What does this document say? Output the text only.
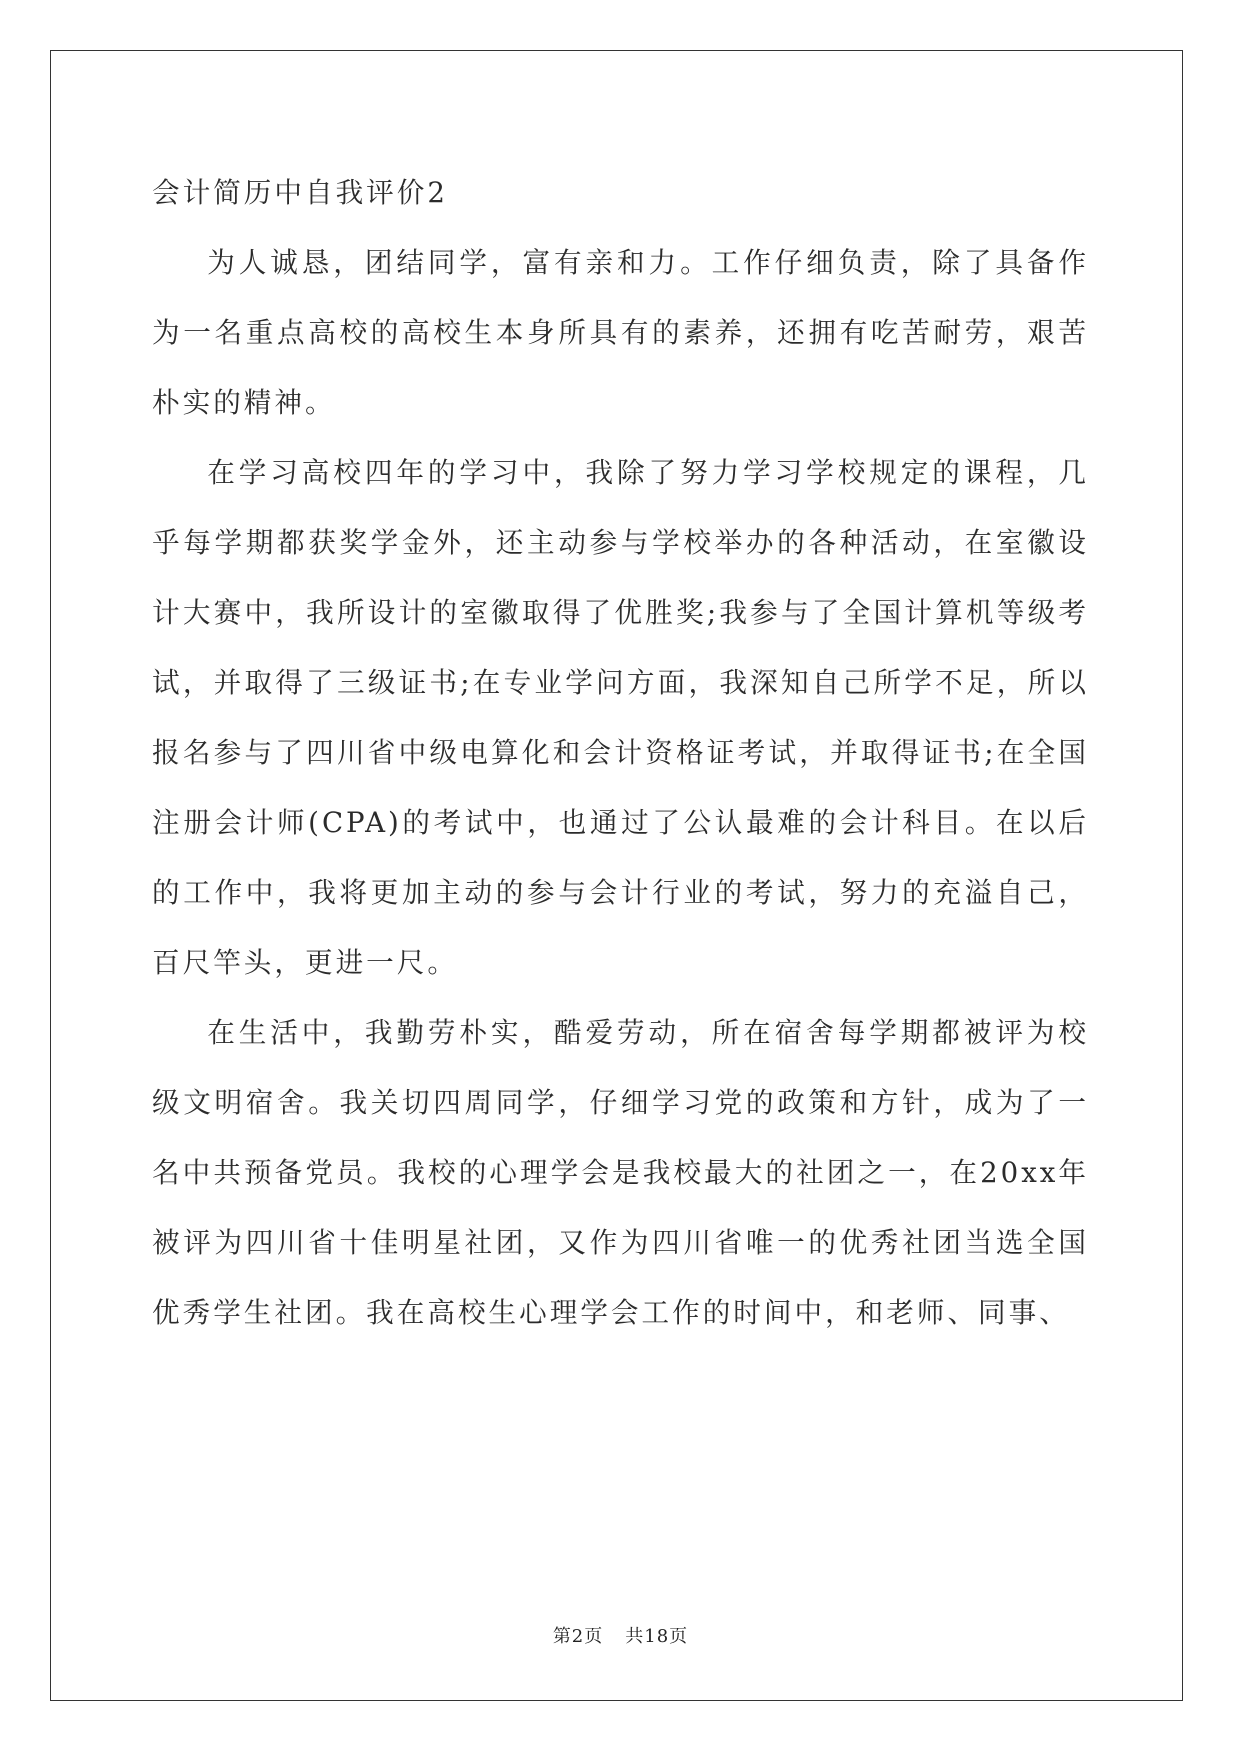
会计简历中自我评价2

为人诚恳，团结同学，富有亲和力。工作仔细负责，除了具备作为一名重点高校的高校生本身所具有的素养，还拥有吃苦耐劳，艰苦朴实的精神。

在学习高校四年的学习中，我除了努力学习学校规定的课程，几乎每学期都获奖学金外，还主动参与学校举办的各种活动，在室徽设计大赛中，我所设计的室徽取得了优胜奖;我参与了全国计算机等级考试，并取得了三级证书;在专业学问方面，我深知自己所学不足，所以报名参与了四川省中级电算化和会计资格证考试，并取得证书;在全国注册会计师(CPA)的考试中，也通过了公认最难的会计科目。在以后的工作中，我将更加主动的参与会计行业的考试，努力的充溢自己，百尺竿头，更进一尺。

在生活中，我勤劳朴实，酷爱劳动，所在宿舍每学期都被评为校级文明宿舍。我关切四周同学，仔细学习党的政策和方针，成为了一名中共预备党员。我校的心理学会是我校最大的社团之一，在20xx年被评为四川省十佳明星社团，又作为四川省唯一的优秀社团当选全国优秀学生社团。我在高校生心理学会工作的时间中，和老师、同事、

第2页 共18页
